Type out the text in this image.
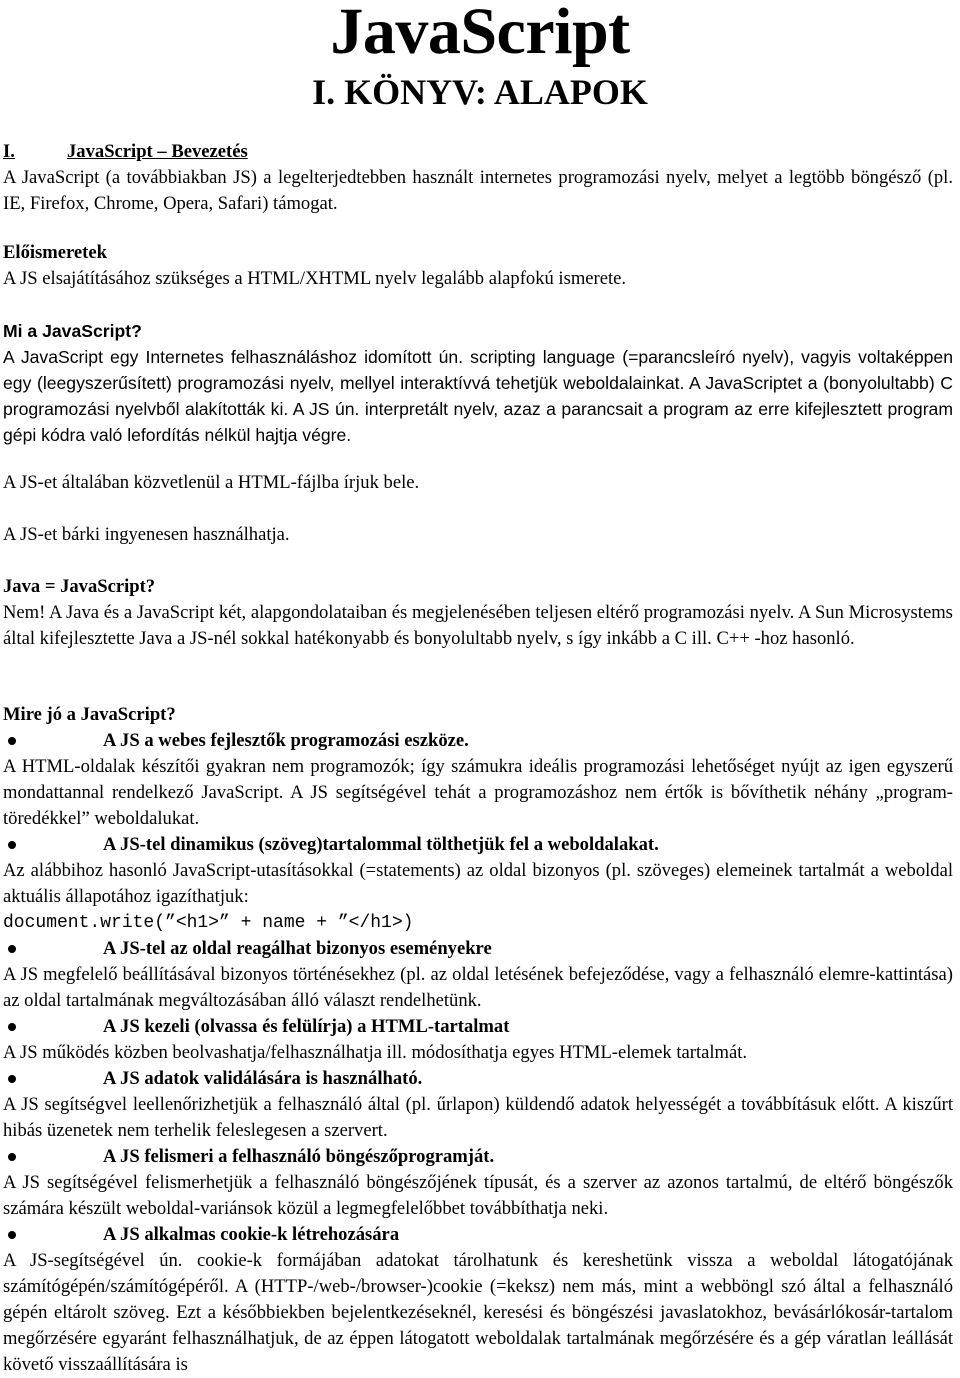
JavaScript
I. KÖNYV: ALAPOK

I.	JavaScript – Bevezetés

A JavaScript (a továbbiakban JS) a legelterjedtebben használt internetes programozási nyelv, melyet a legtöbb böngésző (pl. IE, Firefox, Chrome, Opera, Safari) támogat.

Előismeretek

A JS elsajátításához szükséges a HTML/XHTML nyelv legalább alapfokú ismerete.

Mi a JavaScript?

A JavaScript egy Internetes felhasználáshoz idomított ún. scripting language (=parancsleíró nyelv), vagyis voltaképpen egy (leegyszerűsített) programozási nyelv, mellyel interaktívvá tehetjük weboldalainkat. A JavaScriptet a (bonyolultabb) C programozási nyelvből alakították ki. A JS ún. interpretált nyelv, azaz a parancsait a program az erre kifejlesztett program gépi kódra való lefordítás nélkül hajtja végre.

A JS-et általában közvetlenül a HTML-fájlba írjuk bele.

A JS-et bárki ingyenesen használhatja.

Java = JavaScript?

Nem! A Java és a JavaScript két, alapgondolataiban és megjelenésében teljesen eltérő programozási nyelv. A Sun Microsystems által kifejlesztette Java a JS-nél sokkal hatékonyabb és bonyolultabb nyelv, s így inkább a C ill. C++ -hoz hasonló.

Mire jó a JavaScript?

A JS a webes fejlesztők programozási eszköze.

A HTML-oldalak készítői gyakran nem programozók; így számukra ideális programozási lehetőséget nyújt az igen egyszerű mondattannal rendelkező JavaScript. A JS segítségével tehát a programozáshoz nem értők is bővíthetik néhány „program-töredékkel” weboldalukat.

A JS-tel dinamikus (szöveg)tartalommal tölthetjük fel a weboldalakat.

Az alábbihoz hasonló JavaScript-utasításokkal (=statements) az oldal bizonyos (pl. szöveges) elemeinek tartalmát a weboldal aktuális állapotához igazíthatjuk:

document.write(”<h1>” + name + ”</h1>)

A JS-tel az oldal reagálhat bizonyos eseményekre

A JS megfelelő beállításával bizonyos történésekhez (pl. az oldal letésének befejeződése, vagy a felhasználó elemre-kattintása) az oldal tartalmának megváltozásában álló választ rendelhetünk.

A JS kezeli (olvassa és felülírja) a HTML-tartalmat

A JS működés közben beolvashatja/felhasználhatja ill. módosíthatja egyes HTML-elemek tartalmát.

A JS adatok validálására is használható.

A JS segítségvel leellenőrizhetjük a felhasználó által (pl. űrlapon) küldendő adatok helyességét a továbbításuk előtt. A kiszűrt hibás üzenetek nem terhelik feleslegesen a szervert.

A JS felismeri a felhasználó böngészőprogramját.

A JS segítségével felismerhetjük a felhasználó böngészőjének típusát, és a szerver az azonos tartalmú, de eltérő böngészők számára készült weboldal-variánsok közül a legmegfelelőbbet továbbíthatja neki.

A JS alkalmas cookie-k létrehozására

A JS-segítségével ún. cookie-k formájában adatokat tárolhatunk és kereshetünk vissza a weboldal látogatójának számítógépén/számítógépéről. A (HTTP-/web-/browser-)cookie (=keksz) nem más, mint a webböngl szó által a felhasználó gépén eltárolt szöveg. Ezt a későbbiekben bejelentkezéseknél, keresési és böngészési javaslatokhoz, bevásárlókosár-tartalom megőrzésére egyaránt felhasználhatjuk, de az éppen látogatott weboldalak tartalmának megőrzésére és a gép váratlan leállását követő visszaállítására is
